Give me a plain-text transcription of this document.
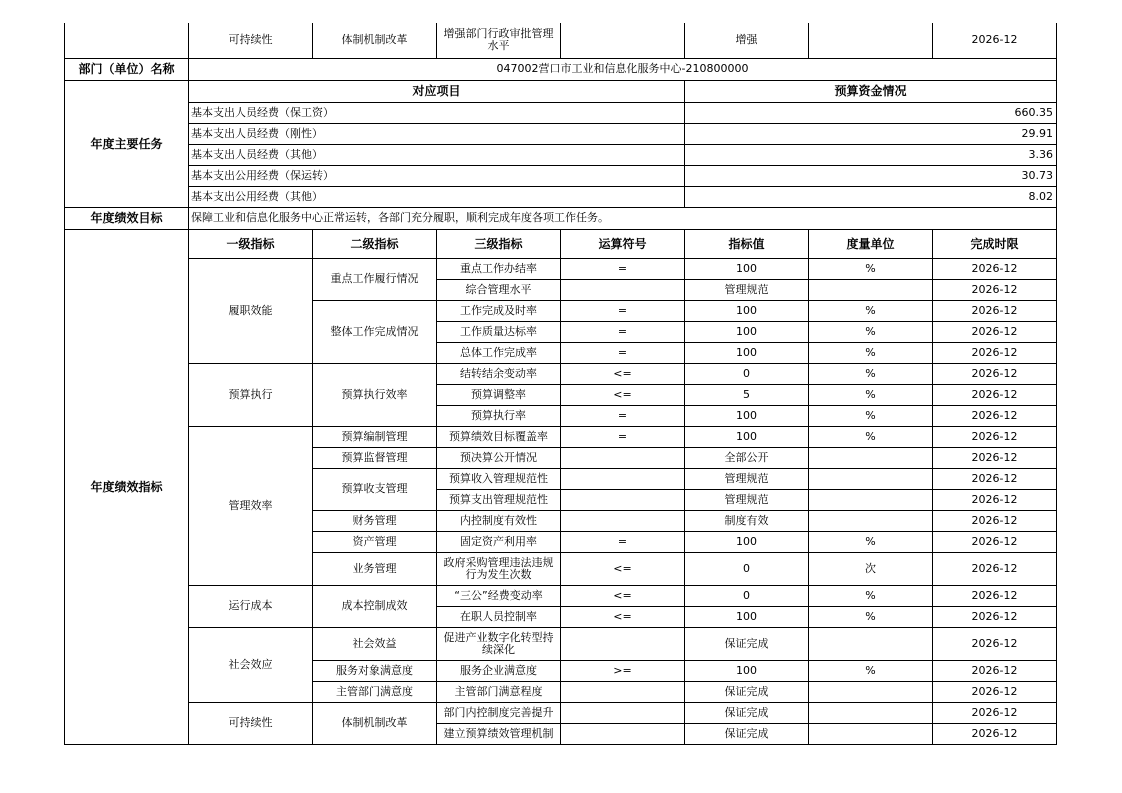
	可持续性	体制机制改革	增强部门行政审批管理水平		增强		2026-12
部门（单位）名称	047002营口市工业和信息化服务中心-210800000						
年度主要任务	对应项目				预算资金情况		
	基本支出人员经费（保工资）				660.35		
	基本支出人员经费（刚性）				29.91		
	基本支出人员经费（其他）				3.36		
	基本支出公用经费（保运转）				30.73		
	基本支出公用经费（其他）				8.02		
年度绩效目标	保障工业和信息化服务中心正常运转，各部门充分履职，顺利完成年度各项工作任务。						
年度绩效指标	一级指标	二级指标	三级指标	运算符号	指标值	度量单位	完成时限
	履职效能	重点工作履行情况	重点工作办结率	=	100	%	2026-12
			综合管理水平		管理规范		2026-12
		整体工作完成情况	工作完成及时率	=	100	%	2026-12
			工作质量达标率	=	100	%	2026-12
			总体工作完成率	=	100	%	2026-12
	预算执行	预算执行效率	结转结余变动率	<=	0	%	2026-12
			预算调整率	<=	5	%	2026-12
			预算执行率	=	100	%	2026-12
	管理效率	预算编制管理	预算绩效目标覆盖率	=	100	%	2026-12
		预算监督管理	预决算公开情况		全部公开		2026-12
		预算收支管理	预算收入管理规范性		管理规范		2026-12
			预算支出管理规范性		管理规范		2026-12
		财务管理	内控制度有效性		制度有效		2026-12
		资产管理	固定资产利用率	=	100	%	2026-12
		业务管理	政府采购管理违法违规行为发生次数	<=	0	次	2026-12
	运行成本	成本控制成效	“三公”经费变动率	<=	0	%	2026-12
			在职人员控制率	<=	100	%	2026-12
	社会效应	社会效益	促进产业数字化转型持续深化		保证完成		2026-12
		服务对象满意度	服务企业满意度	>=	100	%	2026-12
		主管部门满意度	主管部门满意程度		保证完成		2026-12
	可持续性	体制机制改革	部门内控制度完善提升		保证完成		2026-12
			建立预算绩效管理机制		保证完成		2026-12
